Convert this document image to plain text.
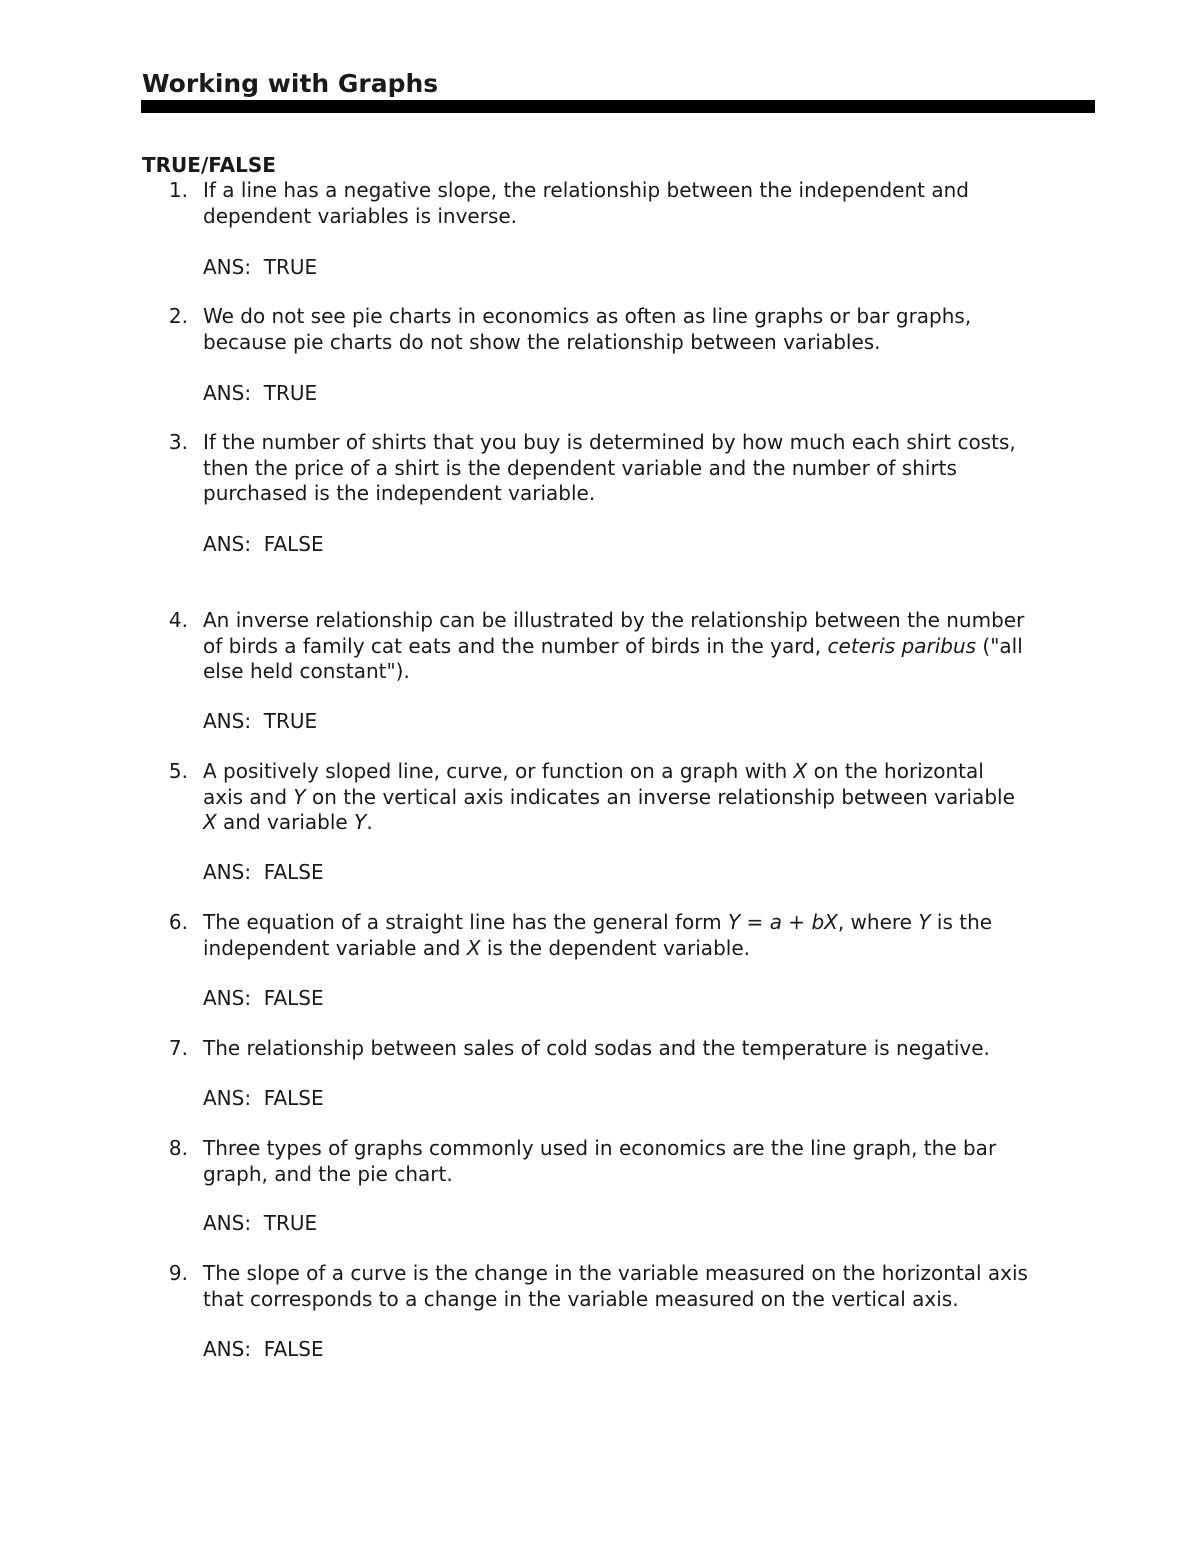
Working with Graphs
TRUE/FALSE
1. If a line has a negative slope, the relationship between the independent and
dependent variables is inverse.
ANS: TRUE
2. We do not see pie charts in economics as often as line graphs or bar graphs,
because pie charts do not show the relationship between variables.
ANS: TRUE
3. If the number of shirts that you buy is determined by how much each shirt costs,
then the price of a shirt is the dependent variable and the number of shirts
purchased is the independent variable.
ANS: FALSE
4. An inverse relationship can be illustrated by the relationship between the number
of birds a family cat eats and the number of birds in the yard, ceteris paribus ("all
else held constant").
ANS: TRUE
5. A positively sloped line, curve, or function on a graph with X on the horizontal
axis and Y on the vertical axis indicates an inverse relationship between variable
X and variable Y.
ANS: FALSE
6. The equation of a straight line has the general form Y = a + bX, where Y is the
independent variable and X is the dependent variable.
ANS: FALSE
7. The relationship between sales of cold sodas and the temperature is negative.
ANS: FALSE
8. Three types of graphs commonly used in economics are the line graph, the bar
graph, and the pie chart.
ANS: TRUE
9. The slope of a curve is the change in the variable measured on the horizontal axis
that corresponds to a change in the variable measured on the vertical axis.
ANS: FALSE
